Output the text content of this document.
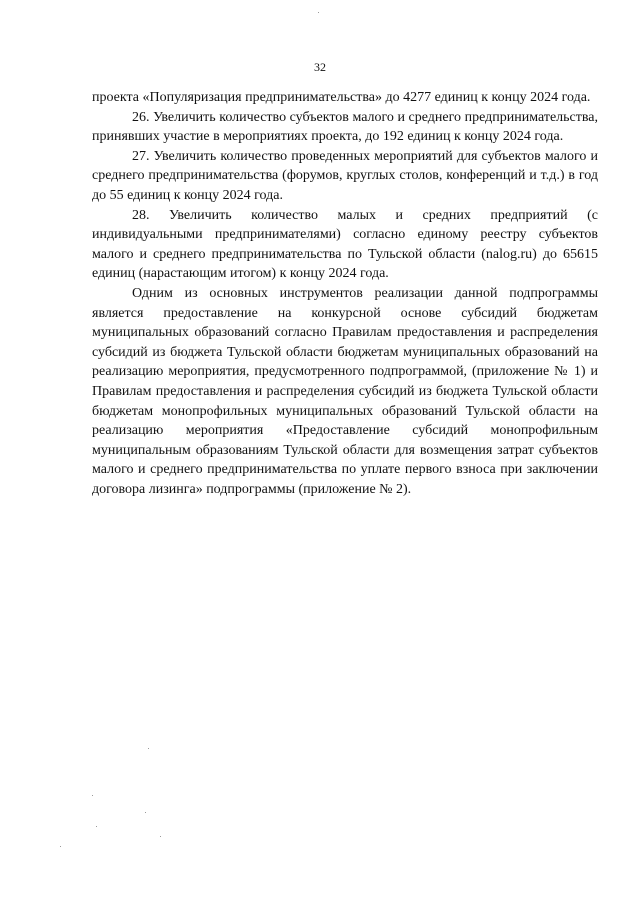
32

проекта «Популяризация предпринимательства» до 4277 единиц к концу 2024 года.

26. Увеличить количество субъектов малого и среднего предпринимательства, принявших участие в мероприятиях проекта, до 192 единиц к концу 2024 года.

27. Увеличить количество проведенных мероприятий для субъектов малого и среднего предпринимательства (форумов, круглых столов, конференций и т.д.) в год до 55 единиц к концу 2024 года.

28. Увеличить количество малых и средних предприятий (с индивидуальными предпринимателями) согласно единому реестру субъектов малого и среднего предпринимательства по Тульской области (nalog.ru) до 65615 единиц (нарастающим итогом) к концу 2024 года.

Одним из основных инструментов реализации данной подпрограммы является предоставление на конкурсной основе субсидий бюджетам муниципальных образований согласно Правилам предоставления и распределения субсидий из бюджета Тульской области бюджетам муниципальных образований на реализацию мероприятия, предусмотренного подпрограммой, (приложение № 1) и Правилам предоставления и распределения субсидий из бюджета Тульской области бюджетам монопрофильных муниципальных образований Тульской области на реализацию мероприятия «Предоставление субсидий монопрофильным муниципальным образованиям Тульской области для возмещения затрат субъектов малого и среднего предпринимательства по уплате первого взноса при заключении договора лизинга» подпрограммы (приложение № 2).
